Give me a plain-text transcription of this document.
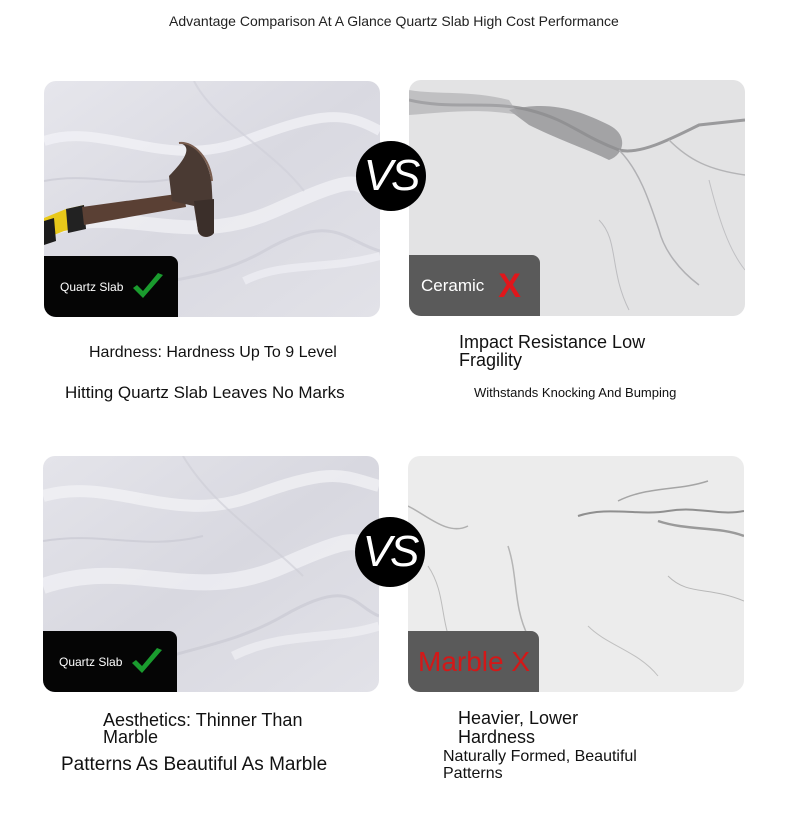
Advantage Comparison At A Glance Quartz Slab High Cost Performance
Quartz Slab	Ceramic X
VS
Hardness: Hardness Up To 9 Level
Hitting Quartz Slab Leaves No Marks
Impact Resistance Low Fragility
Withstands Knocking And Bumping
Quartz Slab	Marble X
VS
Aesthetics: Thinner Than Marble
Patterns As Beautiful As Marble
Heavier, Lower Hardness
Naturally Formed, Beautiful Patterns
